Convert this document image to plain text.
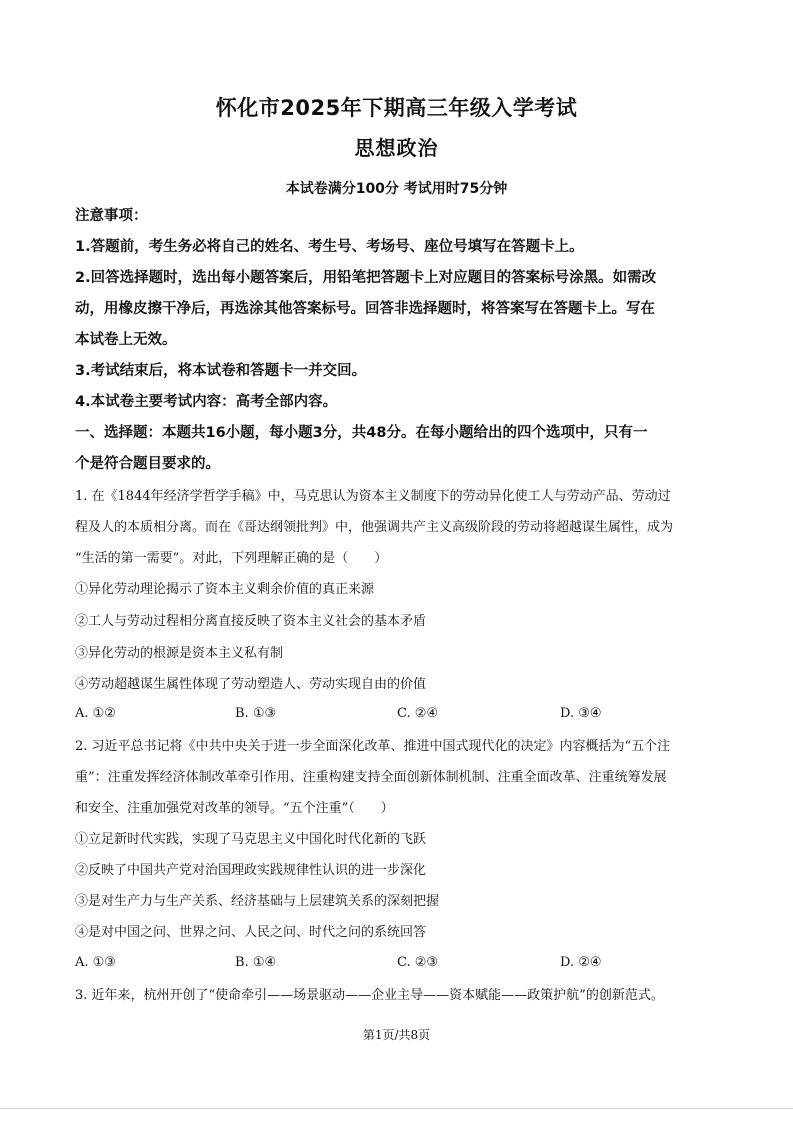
怀化市2025年下期高三年级入学考试
思想政治
本试卷满分100分 考试用时75分钟
注意事项：
1.答题前，考生务必将自己的姓名、考生号、考场号、座位号填写在答题卡上。
2.回答选择题时，选出每小题答案后，用铅笔把答题卡上对应题目的答案标号涂黑。如需改
动，用橡皮擦干净后，再选涂其他答案标号。回答非选择题时，将答案写在答题卡上。写在
本试卷上无效。
3.考试结束后，将本试卷和答题卡一并交回。
4.本试卷主要考试内容：高考全部内容。
一、选择题：本题共16小题，每小题3分，共48分。在每小题给出的四个选项中，只有一
个是符合题目要求的。
1. 在《1844年经济学哲学手稿》中，马克思认为资本主义制度下的劳动异化使工人与劳动产品、劳动过
程及人的本质相分离。而在《哥达纲领批判》中，他强调共产主义高级阶段的劳动将超越谋生属性，成为
“生活的第一需要”。对此，下列理解正确的是（　　）
①异化劳动理论揭示了资本主义剩余价值的真正来源
②工人与劳动过程相分离直接反映了资本主义社会的基本矛盾
③异化劳动的根源是资本主义私有制
④劳动超越谋生属性体现了劳动塑造人、劳动实现自由的价值
A. ①②	B. ①③	C. ②④	D. ③④
2. 习近平总书记将《中共中央关于进一步全面深化改革、推进中国式现代化的决定》内容概括为“五个注
重”：注重发挥经济体制改革牵引作用、注重构建支持全面创新体制机制、注重全面改革、注重统筹发展
和安全、注重加强党对改革的领导。“五个注重”（　　）
①立足新时代实践，实现了马克思主义中国化时代化新的飞跃
②反映了中国共产党对治国理政实践规律性认识的进一步深化
③是对生产力与生产关系、经济基础与上层建筑关系的深刻把握
④是对中国之问、世界之问、人民之问、时代之问的系统回答
A. ①③	B. ①④	C. ②③	D. ②④
3. 近年来，杭州开创了“使命牵引——场景驱动——企业主导——资本赋能——政策护航”的创新范式。
第1页/共8页
